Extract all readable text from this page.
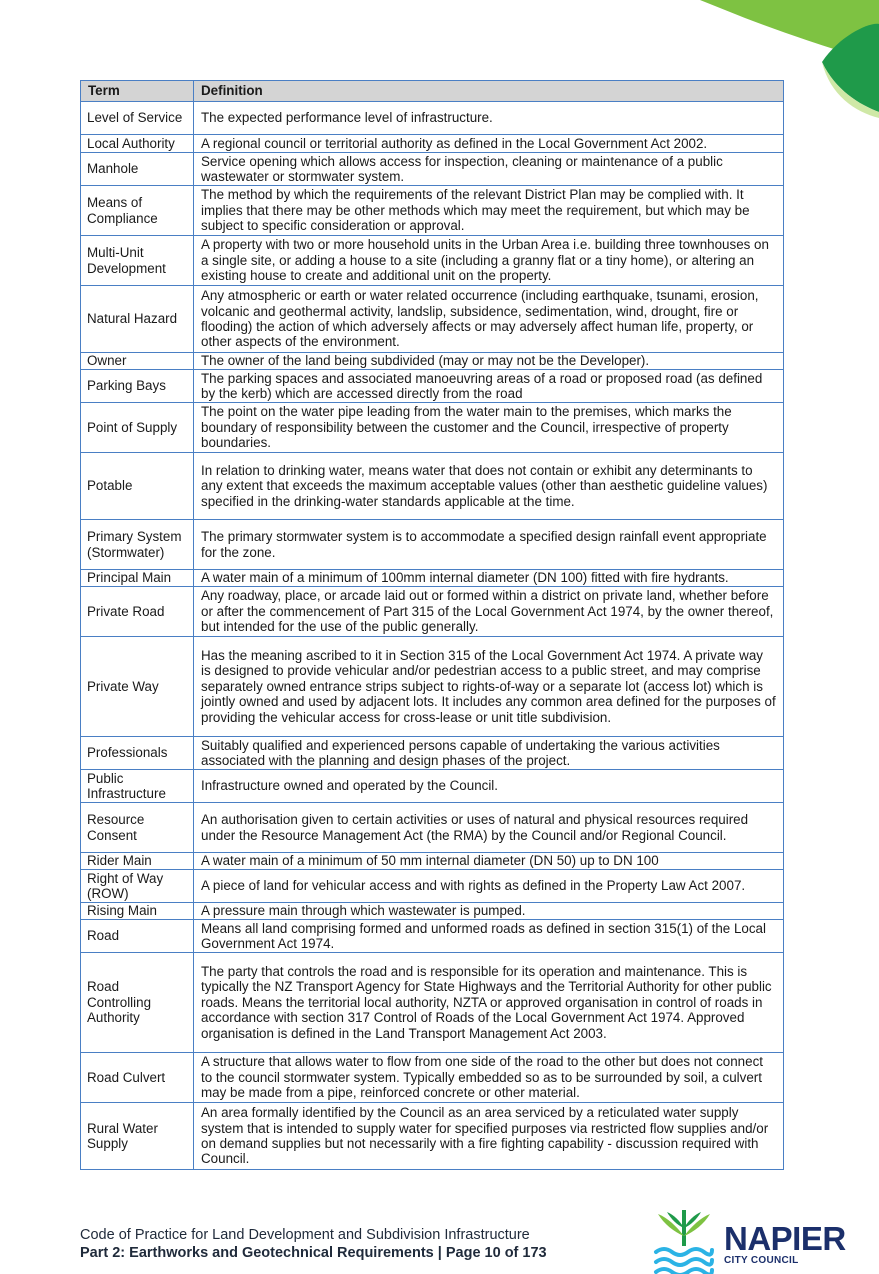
Term	Definition
Level of Service	The expected performance level of infrastructure.
Local Authority	A regional council or territorial authority as defined in the Local Government Act 2002.
Manhole	Service opening which allows access for inspection, cleaning or maintenance of a public wastewater or stormwater system.
Means of Compliance	The method by which the requirements of the relevant District Plan may be complied with. It implies that there may be other methods which may meet the requirement, but which may be subject to specific consideration or approval.
Multi-Unit Development	A property with two or more household units in the Urban Area i.e. building three townhouses on a single site, or adding a house to a site (including a granny flat or a tiny home), or altering an existing house to create and additional unit on the property.
Natural Hazard	Any atmospheric or earth or water related occurrence (including earthquake, tsunami, erosion, volcanic and geothermal activity, landslip, subsidence, sedimentation, wind, drought, fire or flooding) the action of which adversely affects or may adversely affect human life, property, or other aspects of the environment.
Owner	The owner of the land being subdivided (may or may not be the Developer).
Parking Bays	The parking spaces and associated manoeuvring areas of a road or proposed road (as defined by the kerb) which are accessed directly from the road
Point of Supply	The point on the water pipe leading from the water main to the premises, which marks the boundary of responsibility between the customer and the Council, irrespective of property boundaries.
Potable	In relation to drinking water, means water that does not contain or exhibit any determinants to any extent that exceeds the maximum acceptable values (other than aesthetic guideline values) specified in the drinking-water standards applicable at the time.
Primary System (Stormwater)	The primary stormwater system is to accommodate a specified design rainfall event appropriate for the zone.
Principal Main	A water main of a minimum of 100mm internal diameter (DN 100) fitted with fire hydrants.
Private Road	Any roadway, place, or arcade laid out or formed within a district on private land, whether before or after the commencement of Part 315 of the Local Government Act 1974, by the owner thereof, but intended for the use of the public generally.
Private Way	Has the meaning ascribed to it in Section 315 of the Local Government Act 1974. A private way is designed to provide vehicular and/or pedestrian access to a public street, and may comprise separately owned entrance strips subject to rights-of-way or a separate lot (access lot) which is jointly owned and used by adjacent lots. It includes any common area defined for the purposes of providing the vehicular access for cross-lease or unit title subdivision.
Professionals	Suitably qualified and experienced persons capable of undertaking the various activities associated with the planning and design phases of the project.
Public Infrastructure	Infrastructure owned and operated by the Council.
Resource Consent	An authorisation given to certain activities or uses of natural and physical resources required under the Resource Management Act (the RMA) by the Council and/or Regional Council.
Rider Main	A water main of a minimum of 50 mm internal diameter (DN 50) up to DN 100
Right of Way (ROW)	A piece of land for vehicular access and with rights as defined in the Property Law Act 2007.
Rising Main	A pressure main through which wastewater is pumped.
Road	Means all land comprising formed and unformed roads as defined in section 315(1) of the Local Government Act 1974.
Road Controlling Authority	The party that controls the road and is responsible for its operation and maintenance. This is typically the NZ Transport Agency for State Highways and the Territorial Authority for other public roads. Means the territorial local authority, NZTA or approved organisation in control of roads in accordance with section 317 Control of Roads of the Local Government Act 1974. Approved organisation is defined in the Land Transport Management Act 2003.
Road Culvert	A structure that allows water to flow from one side of the road to the other but does not connect to the council stormwater system. Typically embedded so as to be surrounded by soil, a culvert may be made from a pipe, reinforced concrete or other material.
Rural Water Supply	An area formally identified by the Council as an area serviced by a reticulated water supply system that is intended to supply water for specified purposes via restricted flow supplies and/or on demand supplies but not necessarily with a fire fighting capability - discussion required with Council.
Code of Practice for Land Development and Subdivision Infrastructure
Part 2: Earthworks and Geotechnical Requirements | Page 10 of 173	NAPIER
CITY COUNCIL
